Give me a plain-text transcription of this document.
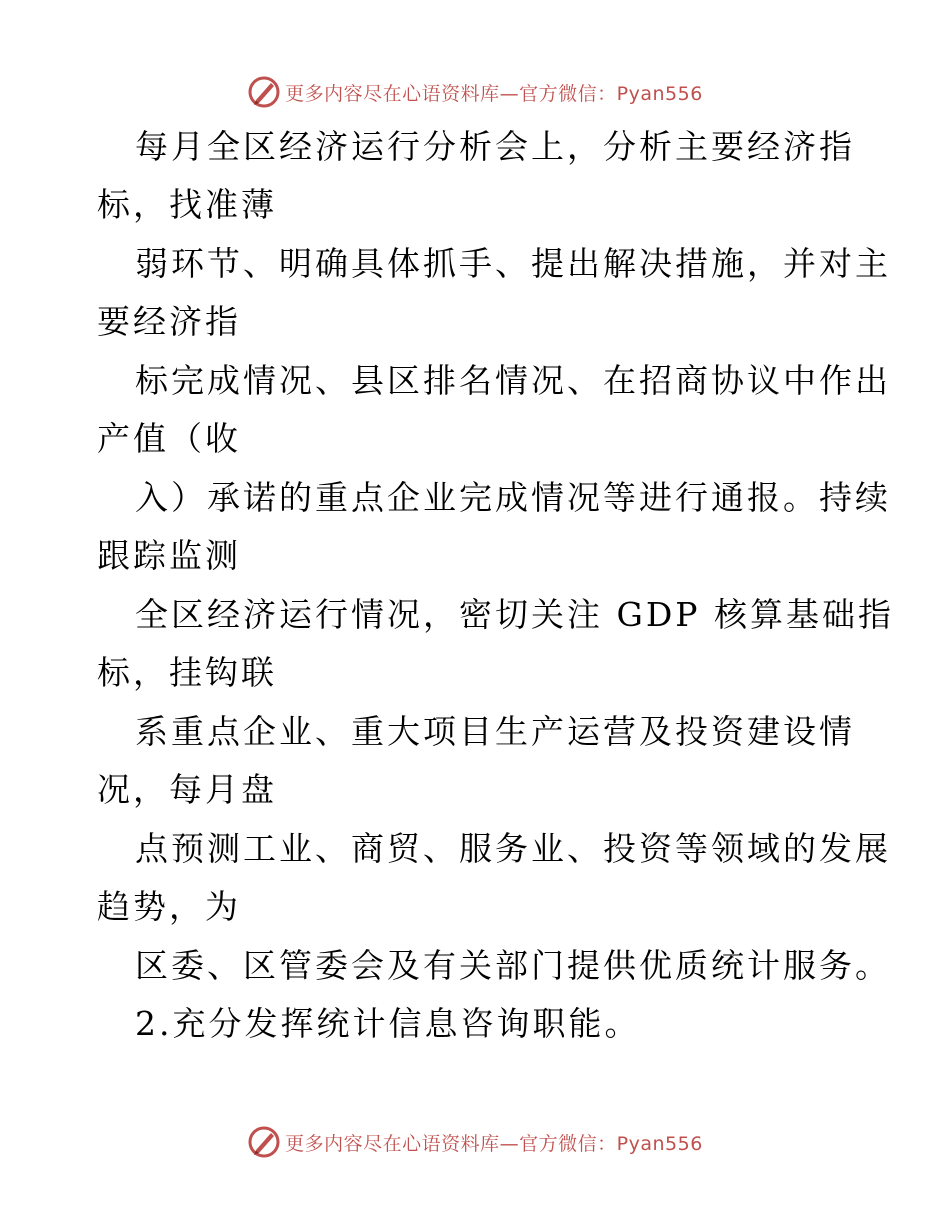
更多内容尽在心语资料库—官方微信：Pyan556
每月全区经济运行分析会上，分析主要经济指
标，找准薄
弱环节、明确具体抓手、提出解决措施，并对主
要经济指
标完成情况、县区排名情况、在招商协议中作出
产值（收
入）承诺的重点企业完成情况等进行通报。持续
跟踪监测
全区经济运行情况，密切关注 GDP 核算基础指
标，挂钩联
系重点企业、重大项目生产运营及投资建设情
况，每月盘
点预测工业、商贸、服务业、投资等领域的发展
趋势，为
区委、区管委会及有关部门提供优质统计服务。
2.充分发挥统计信息咨询职能。
更多内容尽在心语资料库—官方微信：Pyan556
